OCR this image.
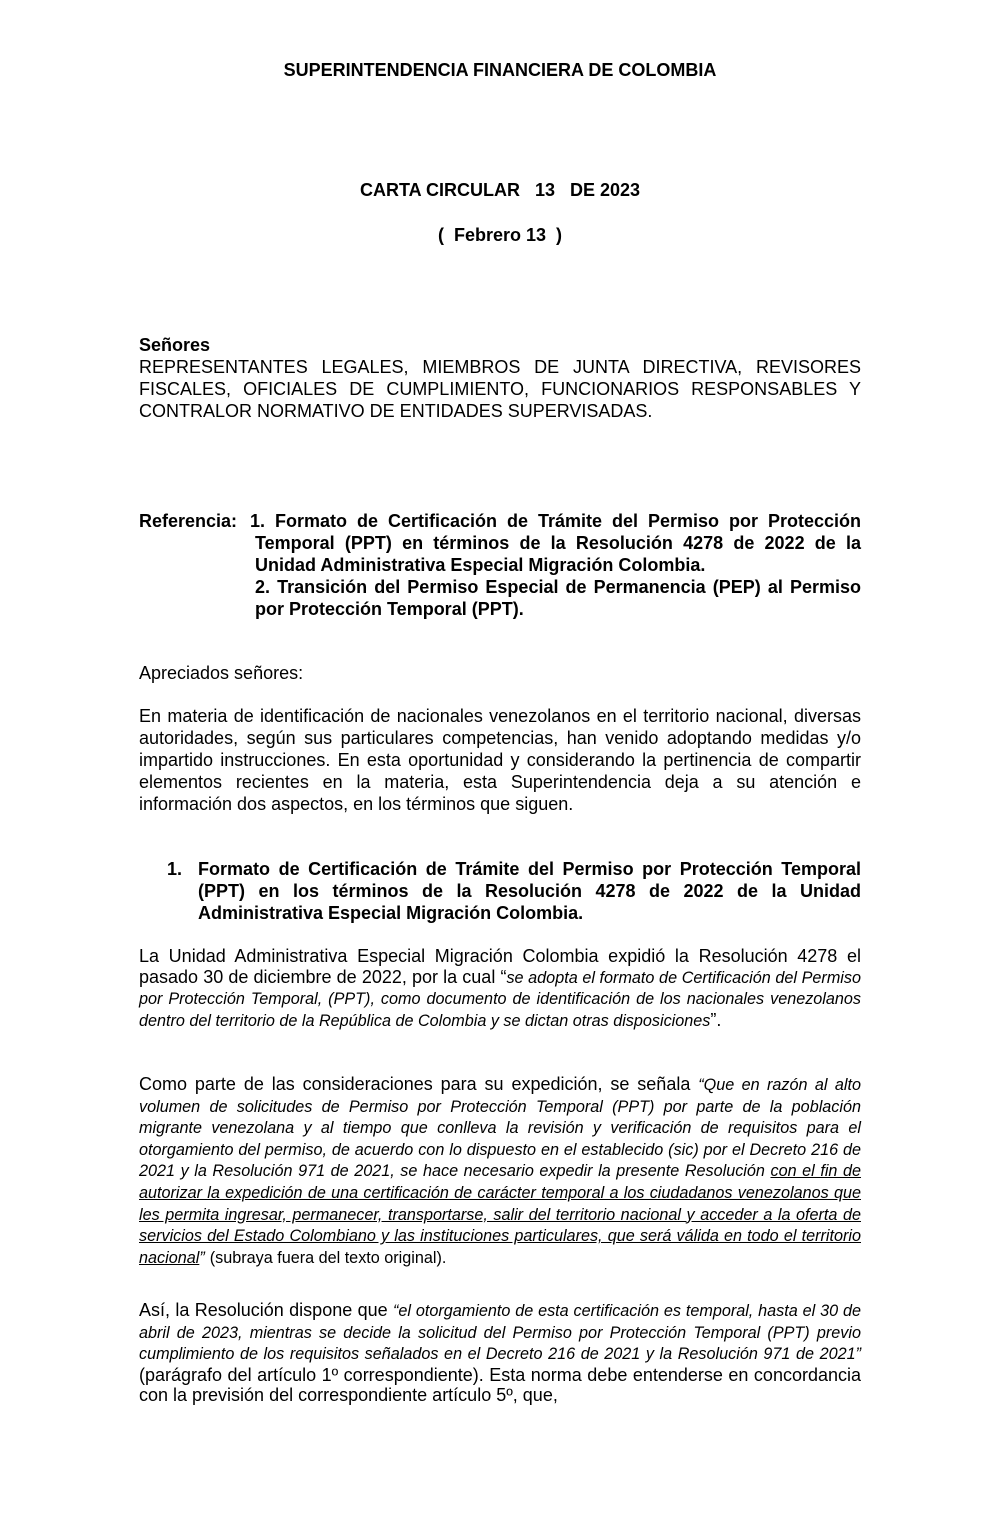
SUPERINTENDENCIA FINANCIERA DE COLOMBIA
CARTA CIRCULAR   13   DE 2023
(  Febrero 13  )

Señores

REPRESENTANTES LEGALES, MIEMBROS DE JUNTA DIRECTIVA, REVISORES FISCALES, OFICIALES DE CUMPLIMIENTO, FUNCIONARIOS RESPONSABLES Y CONTRALOR NORMATIVO DE ENTIDADES SUPERVISADAS.

Referencia: 1. Formato de Certificación de Trámite del Permiso por Protección Temporal (PPT) en términos de la Resolución 4278 de 2022 de la Unidad Administrativa Especial Migración Colombia.

2. Transición del Permiso Especial de Permanencia (PEP) al Permiso por Protección Temporal (PPT).

Apreciados señores:
En materia de identificación de nacionales venezolanos en el territorio nacional, diversas autoridades, según sus particulares competencias, han venido adoptando medidas y/o impartido instrucciones. En esta oportunidad y considerando la pertinencia de compartir elementos recientes en la materia, esta Superintendencia deja a su atención e información dos aspectos, en los términos que siguen.
1. Formato de Certificación de Trámite del Permiso por Protección Temporal (PPT) en los términos de la Resolución 4278 de 2022 de la Unidad Administrativa Especial Migración Colombia.
La Unidad Administrativa Especial Migración Colombia expidió la Resolución 4278 el pasado 30 de diciembre de 2022, por la cual “se adopta el formato de Certificación del Permiso por Protección Temporal, (PPT), como documento de identificación de los nacionales venezolanos dentro del territorio de la República de Colombia y se dictan otras disposiciones”.
Como parte de las consideraciones para su expedición, se señala “Que en razón al alto volumen de solicitudes de Permiso por Protección Temporal (PPT) por parte de la población migrante venezolana y al tiempo que conlleva la revisión y verificación de requisitos para el otorgamiento del permiso, de acuerdo con lo dispuesto en el establecido (sic) por el Decreto 216 de 2021 y la Resolución 971 de 2021, se hace necesario expedir la presente Resolución con el fin de autorizar la expedición de una certificación de carácter temporal a los ciudadanos venezolanos que les permita ingresar, permanecer, transportarse, salir del territorio nacional y acceder a la oferta de servicios del Estado Colombiano y las instituciones particulares, que será válida en todo el territorio nacional” (subraya fuera del texto original).
Así, la Resolución dispone que “el otorgamiento de esta certificación es temporal, hasta el 30 de abril de 2023, mientras se decide la solicitud del Permiso por Protección Temporal (PPT) previo cumplimiento de los requisitos señalados en el Decreto 216 de 2021 y la Resolución 971 de 2021” (parágrafo del artículo 1º correspondiente). Esta norma debe entenderse en concordancia con la previsión del correspondiente artículo 5º, que,
